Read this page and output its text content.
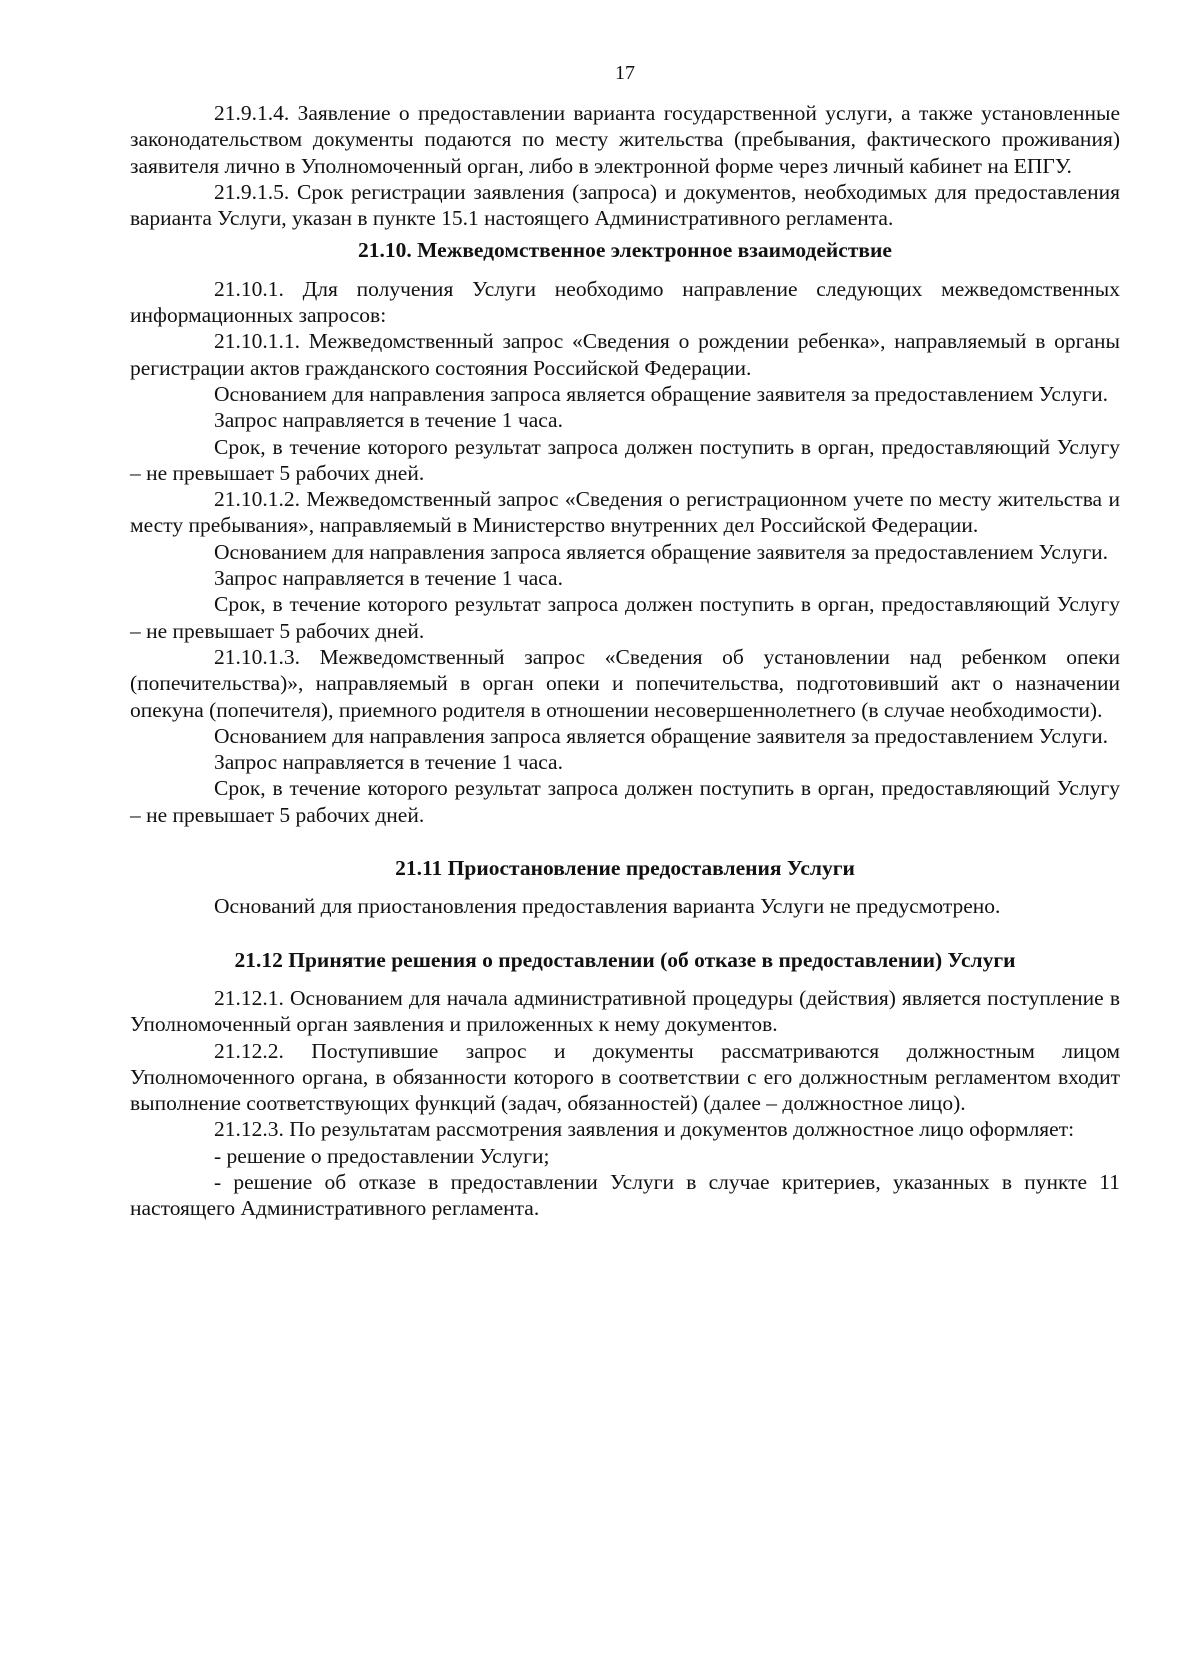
17

21.9.1.4. Заявление о предоставлении варианта государственной услуги, а также установленные законодательством документы подаются по месту жительства (пребывания, фактического проживания) заявителя лично в Уполномоченный орган, либо в электронной форме через личный кабинет на ЕПГУ.

21.9.1.5. Срок регистрации заявления (запроса) и документов, необходимых для предоставления варианта Услуги, указан в пункте 15.1 настоящего Административного регламента.

21.10. Межведомственное электронное взаимодействие

21.10.1. Для получения Услуги необходимо направление следующих межведомственных информационных запросов:

21.10.1.1. Межведомственный запрос «Сведения о рождении ребенка», направляемый в органы регистрации актов гражданского состояния Российской Федерации.

Основанием для направления запроса является обращение заявителя за предоставлением Услуги.

Запрос направляется в течение 1 часа.

Срок, в течение которого результат запроса должен поступить в орган, предоставляющий Услугу – не превышает 5 рабочих дней.

21.10.1.2. Межведомственный запрос «Сведения о регистрационном учете по месту жительства и месту пребывания», направляемый в Министерство внутренних дел Российской Федерации.

Основанием для направления запроса является обращение заявителя за предоставлением Услуги.

Запрос направляется в течение 1 часа.

Срок, в течение которого результат запроса должен поступить в орган, предоставляющий Услугу – не превышает 5 рабочих дней.

21.10.1.3. Межведомственный запрос «Сведения об установлении над ребенком опеки (попечительства)», направляемый в орган опеки и попечительства, подготовивший акт о назначении опекуна (попечителя), приемного родителя в отношении несовершеннолетнего (в случае необходимости).

Основанием для направления запроса является обращение заявителя за предоставлением Услуги.

Запрос направляется в течение 1 часа.

Срок, в течение которого результат запроса должен поступить в орган, предоставляющий Услугу – не превышает 5 рабочих дней.

21.11 Приостановление предоставления Услуги

Оснований для приостановления предоставления варианта Услуги не предусмотрено.

21.12 Принятие решения о предоставлении (об отказе в предоставлении) Услуги

21.12.1. Основанием для начала административной процедуры (действия) является поступление в Уполномоченный орган заявления и приложенных к нему документов.

21.12.2. Поступившие запрос и документы рассматриваются должностным лицом Уполномоченного органа, в обязанности которого в соответствии с его должностным регламентом входит выполнение соответствующих функций (задач, обязанностей) (далее – должностное лицо).

21.12.3. По результатам рассмотрения заявления и документов должностное лицо оформляет:

- решение о предоставлении Услуги;

- решение об отказе в предоставлении Услуги в случае критериев, указанных в пункте 11 настоящего Административного регламента.
